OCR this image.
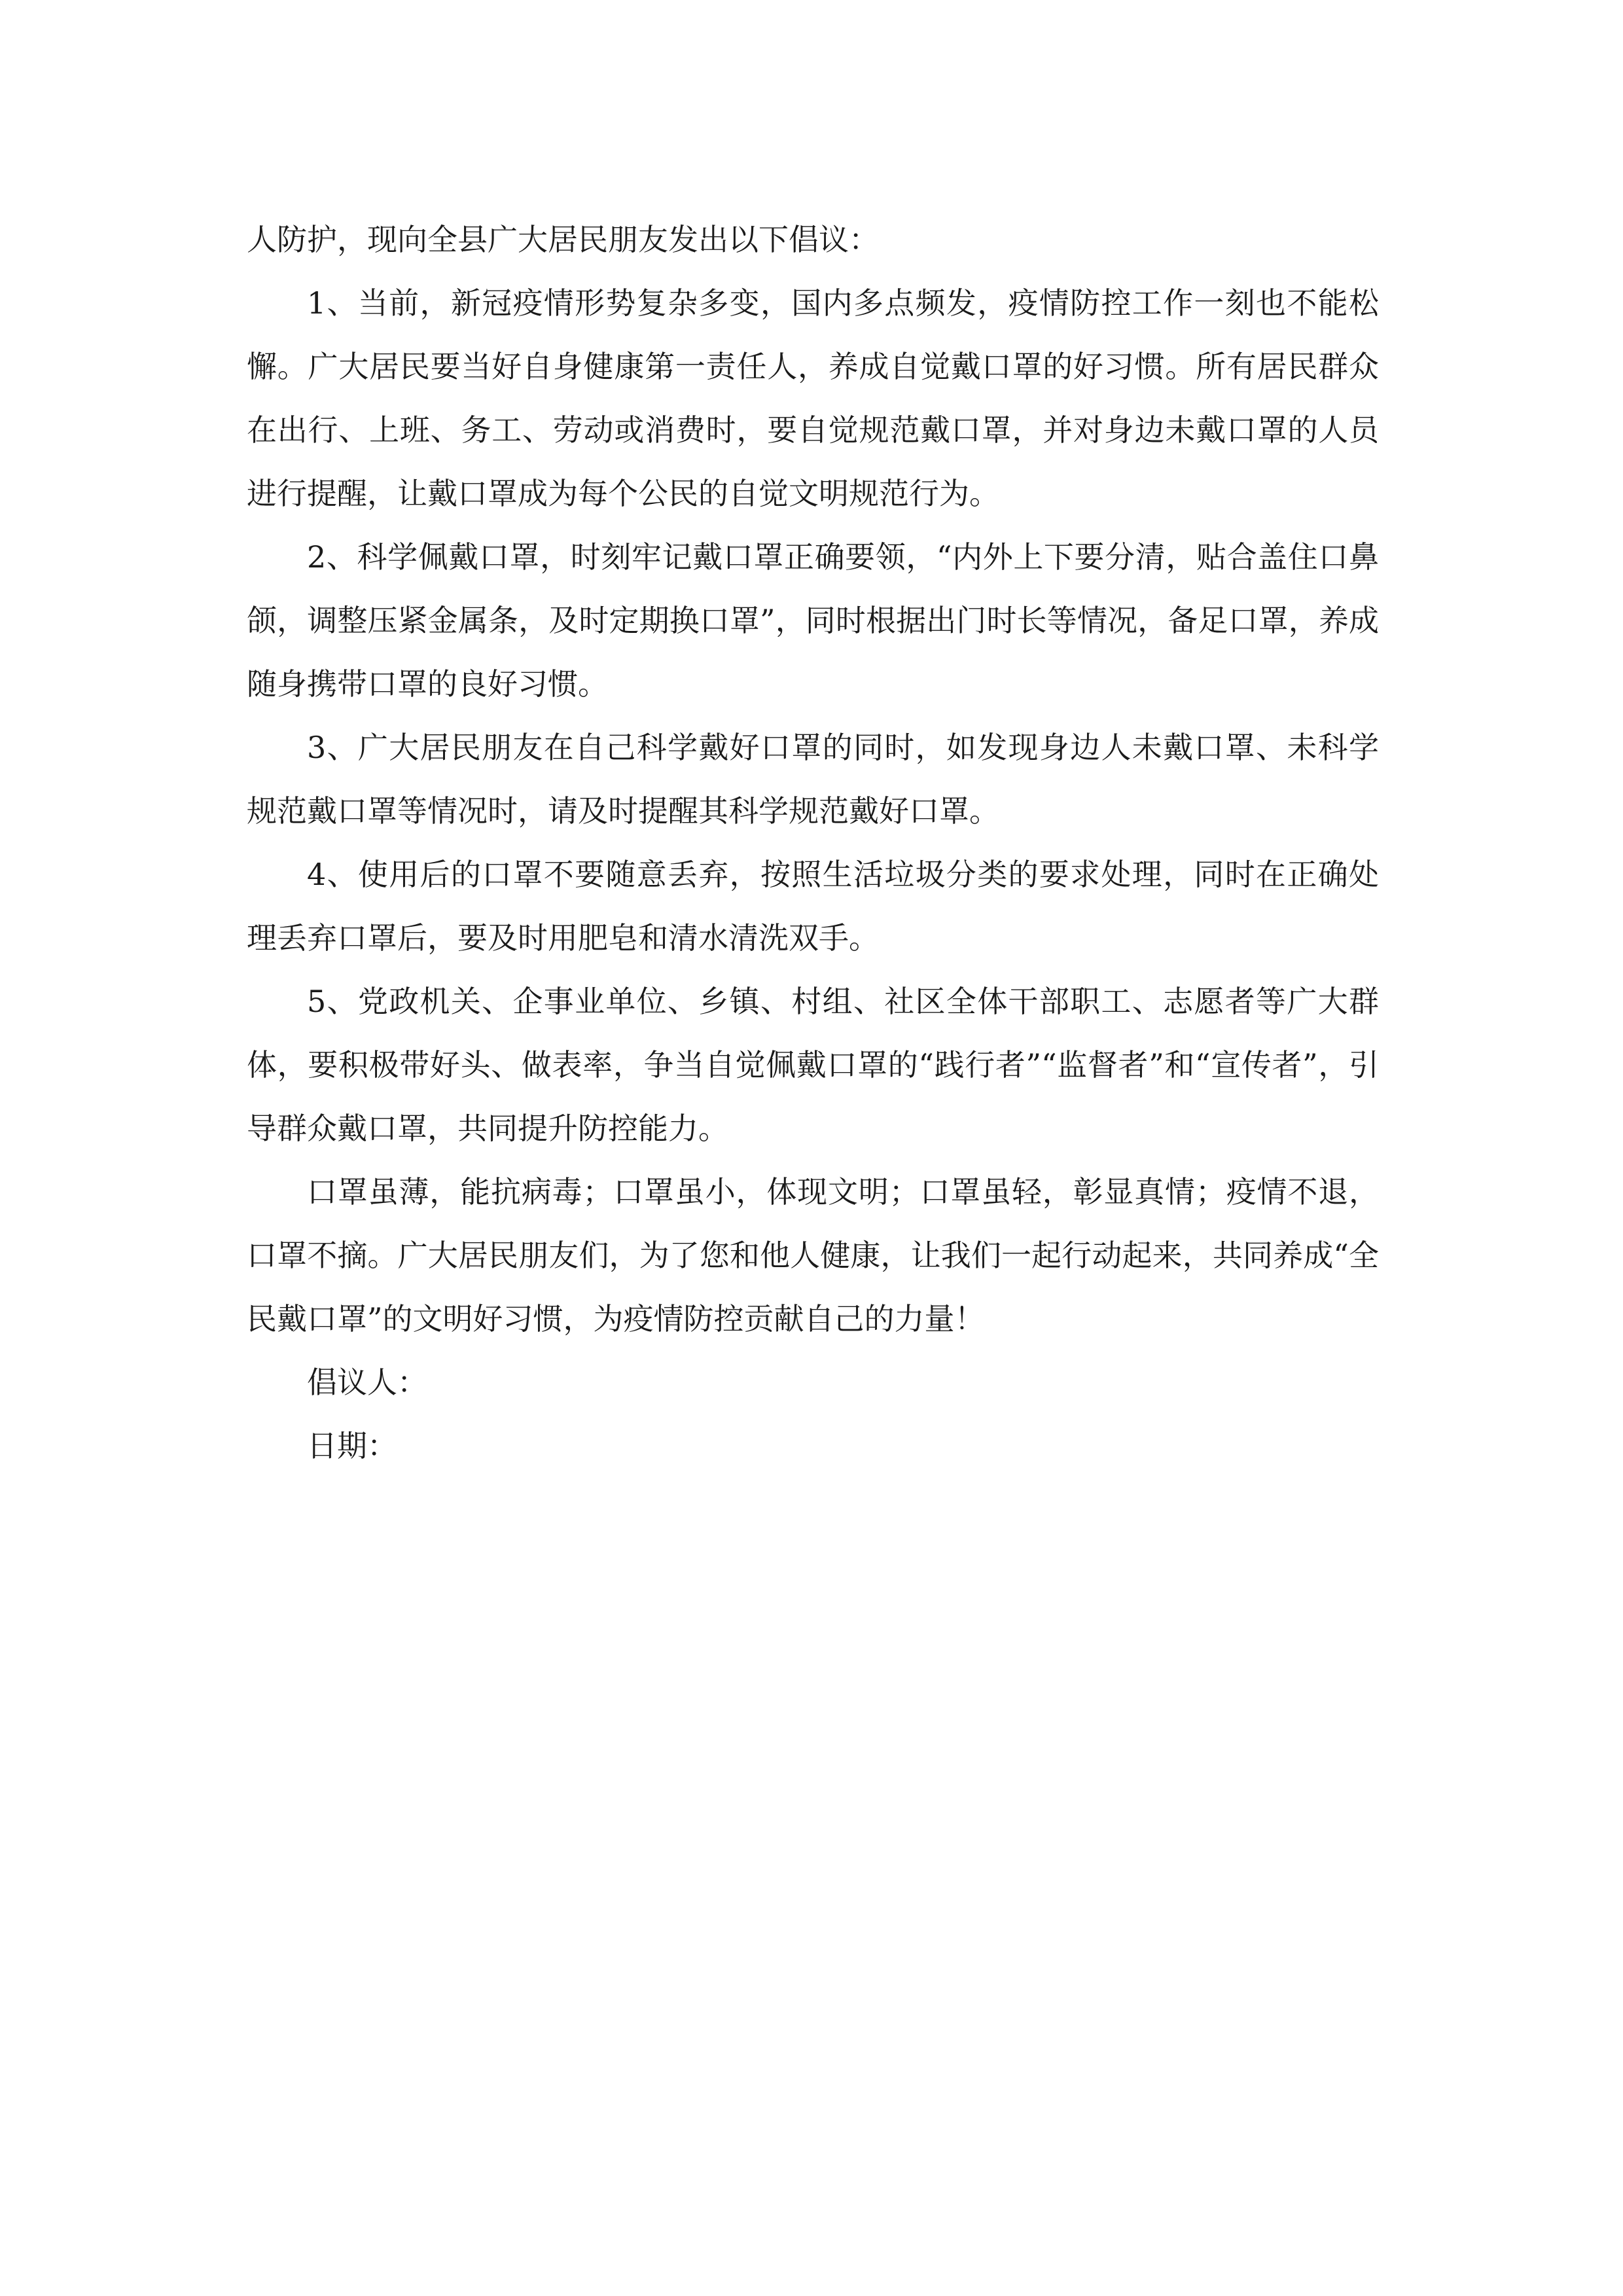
人防护，现向全县广大居民朋友发出以下倡议：

1、当前，新冠疫情形势复杂多变，国内多点频发，疫情防控工作一刻也不能松懈。广大居民要当好自身健康第一责任人，养成自觉戴口罩的好习惯。所有居民群众在出行、上班、务工、劳动或消费时，要自觉规范戴口罩，并对身边未戴口罩的人员进行提醒，让戴口罩成为每个公民的自觉文明规范行为。

2、科学佩戴口罩，时刻牢记戴口罩正确要领，“内外上下要分清，贴合盖住口鼻颌，调整压紧金属条，及时定期换口罩”，同时根据出门时长等情况，备足口罩，养成随身携带口罩的良好习惯。

3、广大居民朋友在自己科学戴好口罩的同时，如发现身边人未戴口罩、未科学规范戴口罩等情况时，请及时提醒其科学规范戴好口罩。

4、使用后的口罩不要随意丢弃，按照生活垃圾分类的要求处理，同时在正确处理丢弃口罩后，要及时用肥皂和清水清洗双手。

5、党政机关、企事业单位、乡镇、村组、社区全体干部职工、志愿者等广大群体，要积极带好头、做表率，争当自觉佩戴口罩的“践行者”“监督者”和“宣传者”，引导群众戴口罩，共同提升防控能力。

口罩虽薄，能抗病毒；口罩虽小，体现文明；口罩虽轻，彰显真情；疫情不退，口罩不摘。广大居民朋友们，为了您和他人健康，让我们一起行动起来，共同养成“全民戴口罩”的文明好习惯，为疫情防控贡献自己的力量！

倡议人：

日期：
